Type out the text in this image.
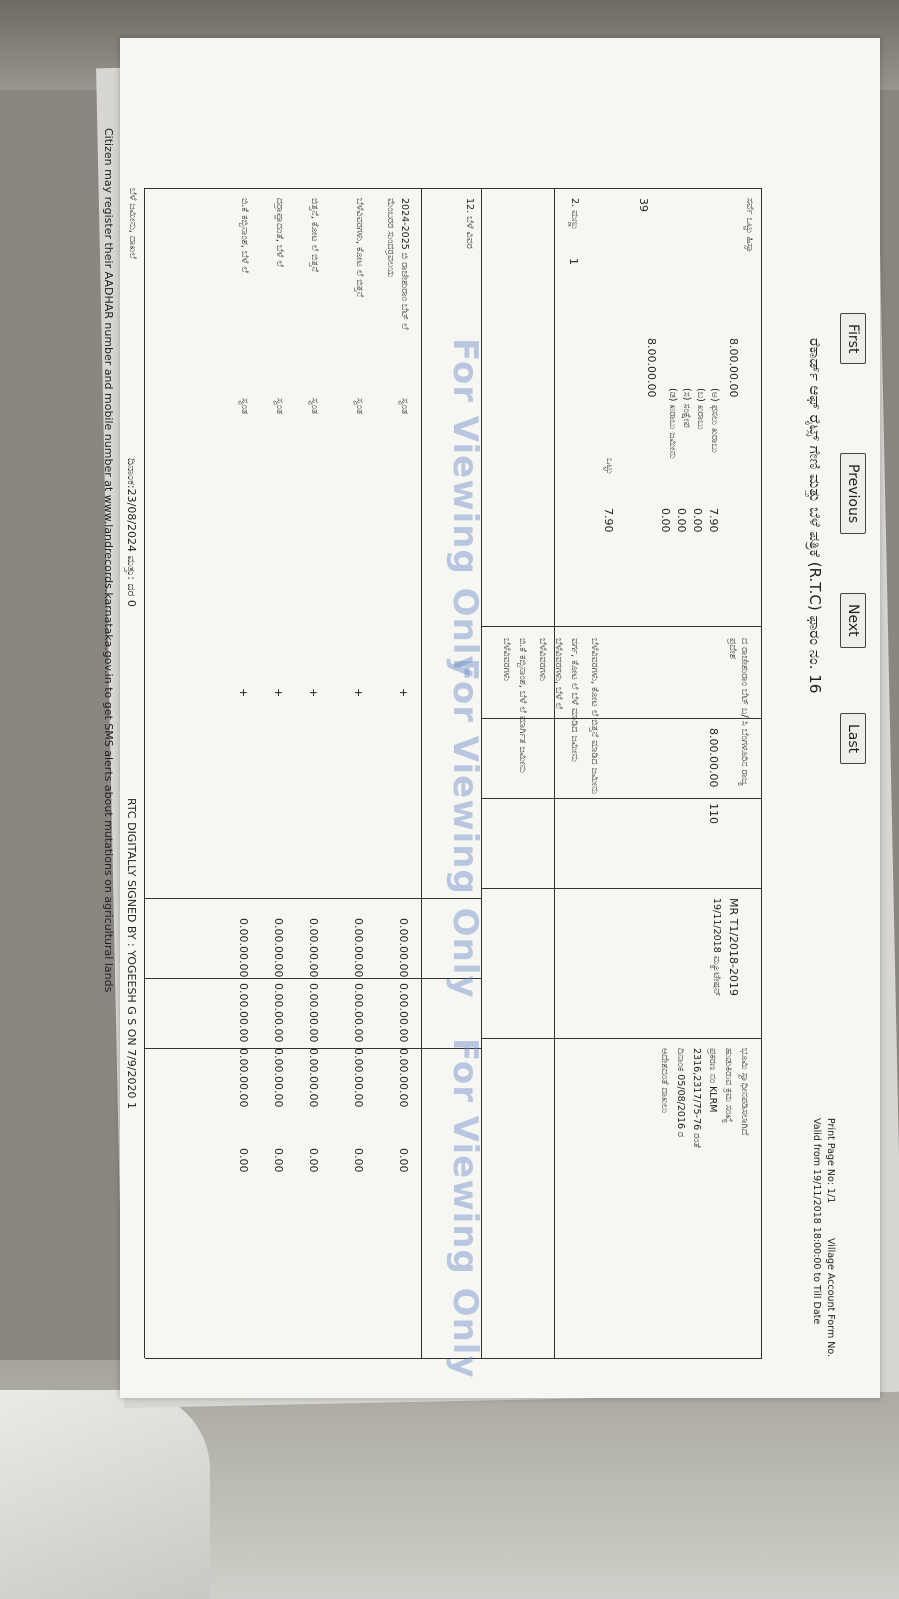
First
Previous
Next
Last
ರೆಕಾರ್ಡ್ ಆಫ್ ರೈಟ್ಸ್ ಗೇಣಿ ಮತ್ತು ಬೆಳೆ ಪತ್ರಿಕೆ (R.T.C) ಫಾರಂ ನಂ. 16
Print Page No: 1/1
Village Account Form No.
Valid from 19/11/2018 18:00:00 to Till Date
ಸರ್ವೆ ಒಟ್ಟು ಹಿಸ್ಸಾ
8.00.00.00
(ಅ) ಫಸಲು ಖರಾಬು
(ಬ) ಖರಾಬು
(ಸ) ಸಂಕ್ಷೇಪ
(ಡ) ಖರಾಬು ಜಮೀನು
8.00.00.00
7.90
0.00
0.00
0.00
ಒಟ್ಟು
7.90
2. ಮಣ್ಣು
1
39
ದ ರಾಜೇಶುರಾಂ ಬೆಟ್ ಬ/ ಸಿ ಬೆಂಗಳೂರಿನ ರಾಜ್ಯ ಪ್ರದೇಶ
8.00.00.00
110
MR T1/2018-2019
19/11/2018 ಮ್ಯೂಟೇಷನ್
ಭೂಮಿ ಸ್ವಾಧೀನಪಡಿಸಲಾಗಿದೆ
ಹುಡುಕಿರುವ ಕ್ರಮ ಸಂಖ್ಯೆ
ಪ್ರಕರಣ ನಂ KLRM
2316,2317/75-76 ರಂತೆ
ದಿನಾಂಕ 05/08/2016 ರ
ಆದೇಶದಂತೆ ದಾಖಲು
ಬೆಳೆವಿವರಗಳು, ಕೋಟ ಲೆ ಬಿತ್ತನೆ ಮಾಡಿದ ಜಮೀನು
ವರ್ಗ, ಕೋಟ ಲೆ ಬೆಳೆ ಮಾಡಿದ ಜಮೀನು
ಬೆಳೆವಿವರಗಳು, ಬೆಳೆ ಲೆ
ಬೆಳೆವಿವರಗಳು
ಬಿ.ಕೆ ಕಬ್ಬಿನಾಂಶ, ಬೆಳೆ ಲೆ ಮಾರ್ಗಿತ ಜಮೀನು
ಬೆಳೆವಿವರಗಳು
12. ಬೆಳೆ ವಿವರ
2024-2025 ಬಿ ರಾಜೇಶುರಾಂ ಬೆಟ್ ಲೆ
ಮೆಂಬರರ ಸುಂದರ್ರವಲಯ
ಸ್ವಂತ
+
0.00.00.00
0.00.00.00
0.00.00.00
0.00
ಬೆಳೆವಿವರಗಳು, ಕೋಟ ಲೆ ಬಿತ್ತನೆ
ಸ್ವಂತ
+
0.00.00.00
0.00.00.00
0.00.00.00
0.00
ಬಿತ್ತನೆ, ಕೋಟ ಲೆ ಬಿತ್ತನೆ
ಸ್ವಂತ
+
0.00.00.00
0.00.00.00
0.00.00.00
0.00
ದರ್ರಾಪ್ಪಾದಂತೆ, ಬೆಳೆ ಲೆ
ಸ್ವಂತ
+
0.00.00.00
0.00.00.00
0.00.00.00
0.00
ಬಿ.ಕೆ ಕಬ್ಬಿನಾಂಶ, ಬೆಳೆ ಲೆ
ಸ್ವಂತ
+
0.00.00.00
0.00.00.00
0.00.00.00
0.00
For Viewing Only
For Viewing Only
For Viewing Only
ಬೆಳೆ ಜಮೀನು, ದಾಖಲೆ
ದಿನಾಂಕ:23/08/2024 ಮತ್ತು: ದರ 0
RTC DIGITALLY SIGNED BY : YOGEESH G S ON 7/9/2020 1
Citizen may register their AADHAR number and mobile number at www.landrecords.karnataka.gov.in to get SMS alerts about mutations on agricultural lands
